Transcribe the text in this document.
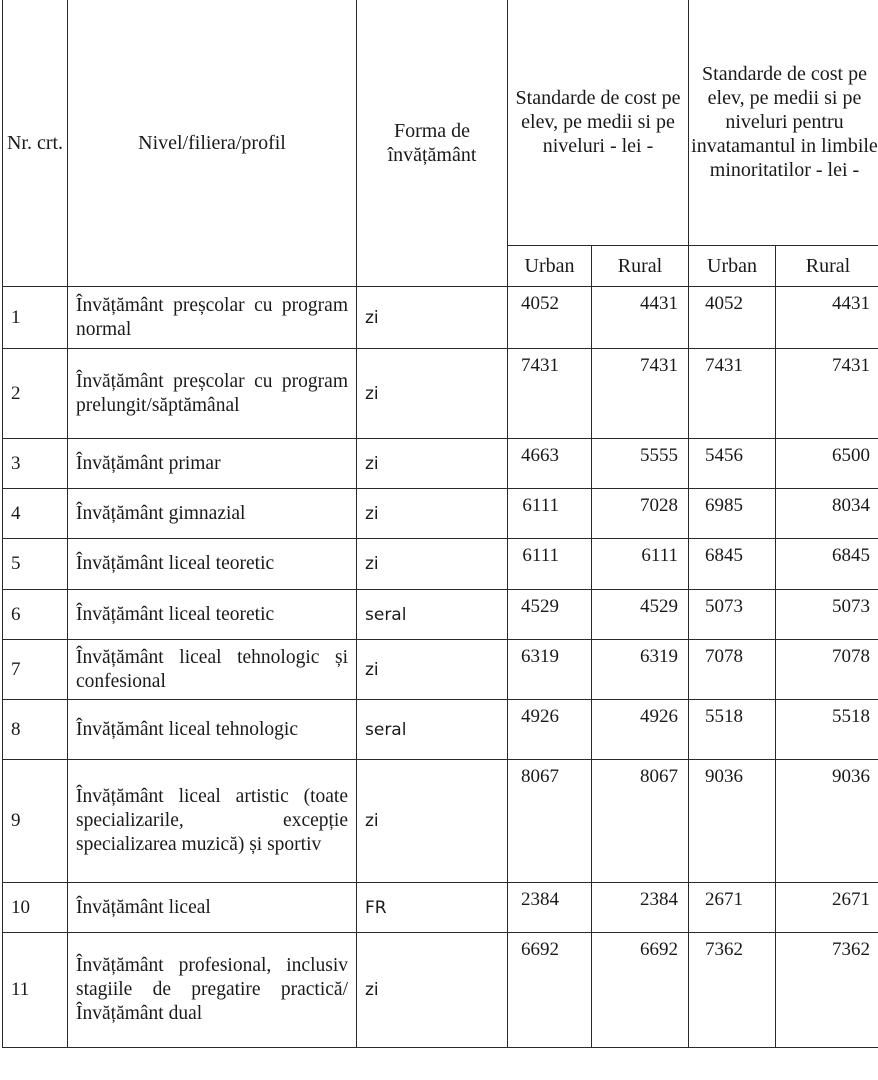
Nr. crt.	Nivel/filiera/profil	Forma de învățământ	Standarde de cost pe elev, pe medii si pe niveluri - lei -		Standarde de cost pe elev, pe medii si pe niveluri pentru invatamantul in limbile minoritatilor - lei -	
			Urban	Rural	Urban	Rural
1	Învățământ preșcolar cu program normal	zi	4052	4431	4052	4431
2	Învățământ preșcolar cu program prelungit/săptămânal	zi	7431	7431	7431	7431
3	Învățământ primar	zi	4663	5555	5456	6500
4	Învățământ gimnazial	zi	6111	7028	6985	8034
5	Învățământ liceal teoretic	zi	6111	6111	6845	6845
6	Învățământ liceal teoretic	seral	4529	4529	5073	5073
7	Învățământ liceal tehnologic și confesional	zi	6319	6319	7078	7078
8	Învățământ liceal tehnologic	seral	4926	4926	5518	5518
9	Învățământ liceal artistic (toate specializarile, excepție specializarea muzică) și sportiv	zi	8067	8067	9036	9036
10	Învățământ liceal	FR	2384	2384	2671	2671
11	Învățământ profesional, inclusiv stagiile de pregatire practică/ Învățământ dual	zi	6692	6692	7362	7362
